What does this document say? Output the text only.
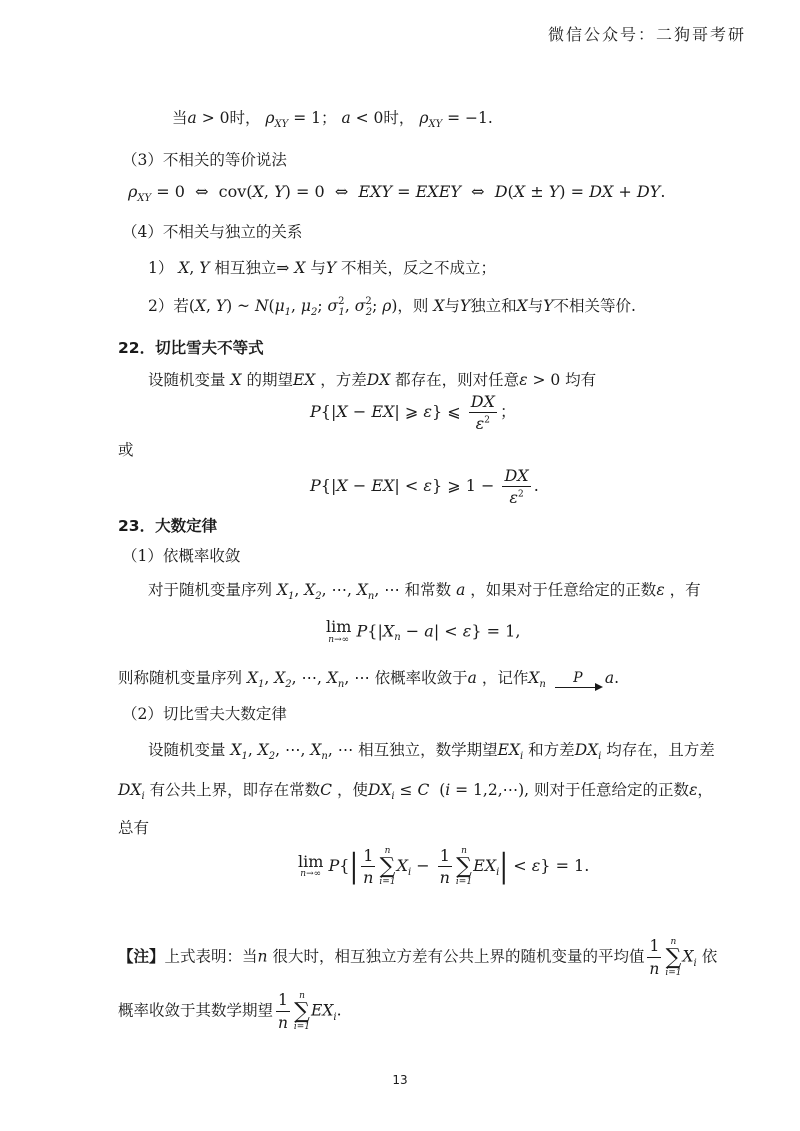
微信公众号：二狗哥考研
当a > 0时， $\rho_{XY} = 1$； a < 0时， $\rho_{XY} = -1$.
（3）不相关的等价说法
$\rho_{XY} = 0$  ⇔  cov(X, Y) = 0  ⇔  EXY = EXEY  ⇔  D(X ± Y) = DX + DY.
（4）不相关与独立的关系
1） X, Y 相互独立⇒ X 与Y 不相关，反之不成立；
2）若(X, Y) ~ $N(\mu_1$, $\mu_2$; $\sigma^2_1$, $\sigma^2_2$; ρ)，则 X与Y独立和X与Y不相关等价.
22．切比雪夫不等式
设随机变量 X 的期望EX ，方差DX 都存在，则对任意ε > 0 均有
P{|X − EX| ⩾ ε} ⩽ $\frac{DX}{\varepsilon^2}$ ；
或
P{|X − EX| < ε} ⩾ $1 - \frac{DX}{\varepsilon^2}$ .
23．大数定律
（1）依概率收敛
对于随机变量序列 $X_1$, $X_2$, ⋯, $X_n$, ⋯ 和常数 a ，如果对于任意给定的正数ε ，有
lim
n→∞ $P\{|X_n - a| < \varepsilon\} = 1$,
则称随机变量序列 $X_1$, $X_2$, ⋯, $X_n$, ⋯ 依概率收敛于a ，记作$X_n$ P a.
（2）切比雪夫大数定律
设随机变量 $X_1$, $X_2$, ⋯, $X_n$, ⋯ 相互独立，数学期望$EX_i$ 和方差$DX_i$ 均存在，且方差
$DX_i$ 有公共上界，即存在常数C ，使$DX_i \le C$  (i = 1,2,⋯), 则对于任意给定的正数ε，
总有
lim
n→∞ $P\{| \frac{1}{n}$ n
∑
i=1
$X_i - \frac{1}{n}$ n
∑
i=1
$EX_i| < \varepsilon\} = 1$.
【注】上式表明：当n 很大时，相互独立方差有公共上界的随机变量的平均值 $\frac{1}{n}$ n
∑
i=1
$X_i$ 依
概率收敛于其数学期望 $\frac{1}{n}$ n
∑
i=1
$EX_i$.
13
